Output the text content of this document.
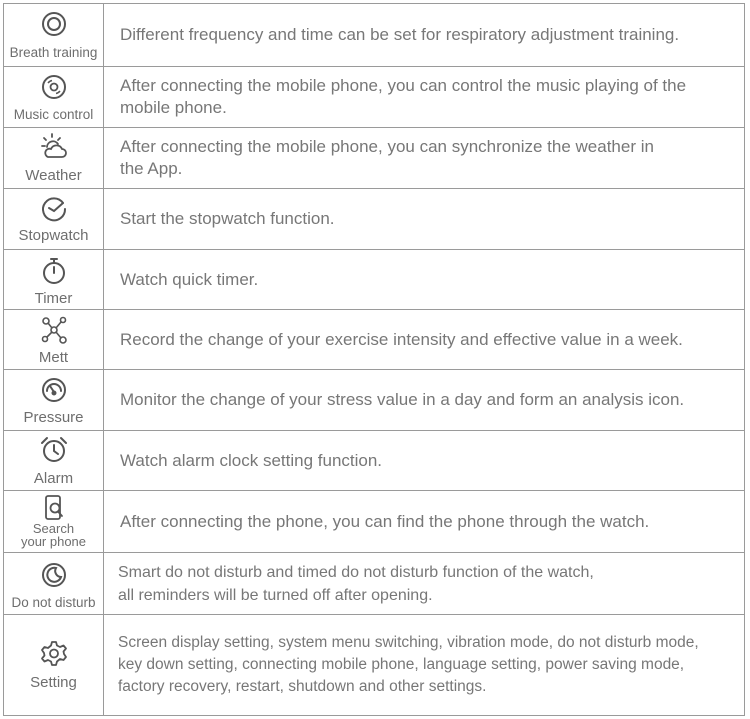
Breath training
Different frequency and time can be set for respiratory adjustment training.
Music control
After connecting the mobile phone, you can control the music playing of the
mobile phone.
Weather
After connecting the mobile phone, you can synchronize the weather in
the App.
Stopwatch
Start the stopwatch function.
Timer
Watch quick timer.
Mett
Record the change of your exercise intensity and effective value in a week.
Pressure
Monitor the change of your stress value in a day and form an analysis icon.
Alarm
Watch alarm clock setting function.
Search
your phone
After connecting the phone, you can find the phone through the watch.
Do not disturb
Smart do not disturb and timed do not disturb function of the watch,
all reminders will be turned off after opening.
Setting
Screen display setting, system menu switching, vibration mode, do not disturb mode,
key down setting, connecting mobile phone, language setting, power saving mode,
factory recovery, restart, shutdown and other settings.
